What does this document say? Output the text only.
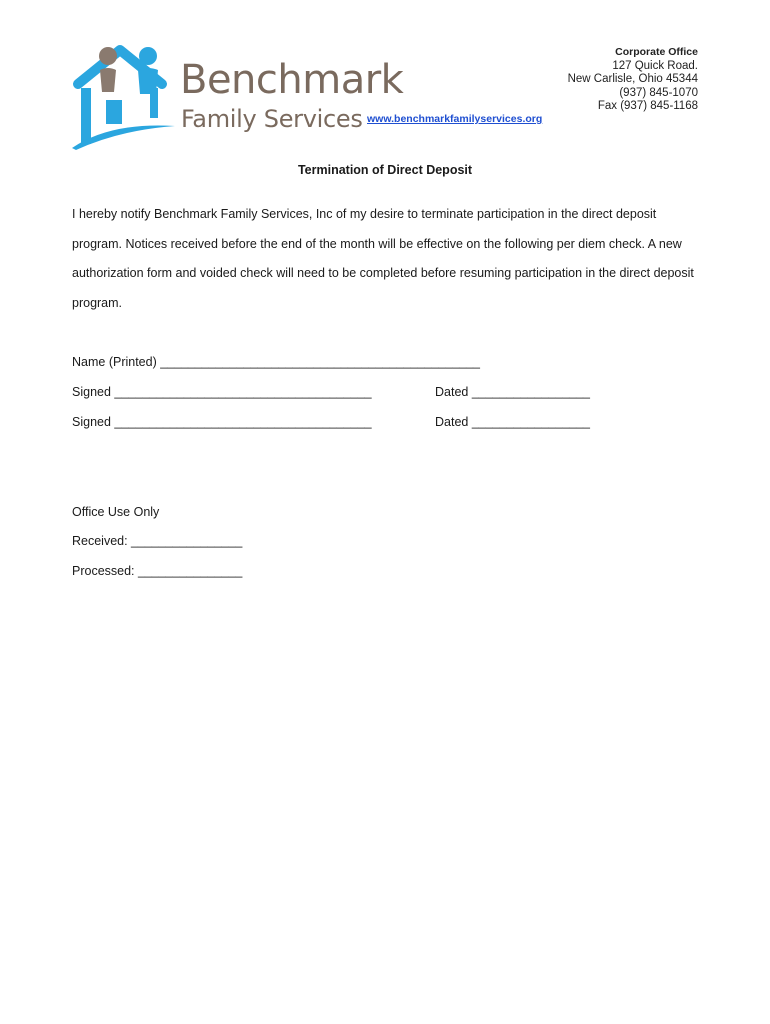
Benchmark
Family Services www.benchmarkfamilyservices.org
Corporate Office
127 Quick Road.
New Carlisle, Ohio 45344
(937) 845-1070
Fax (937) 845-1168
Termination of Direct Deposit
I hereby notify Benchmark Family Services, Inc of my desire to terminate participation in the direct deposit program. Notices received before the end of the month will be effective on the following per diem check. A new authorization form and voided check will need to be completed before resuming participation in the direct deposit program.
Name (Printed) ______________________________________________
Signed _____________________________________	Dated _________________
Signed _____________________________________	Dated _________________
Office Use Only
Received: ________________
Processed: _______________
